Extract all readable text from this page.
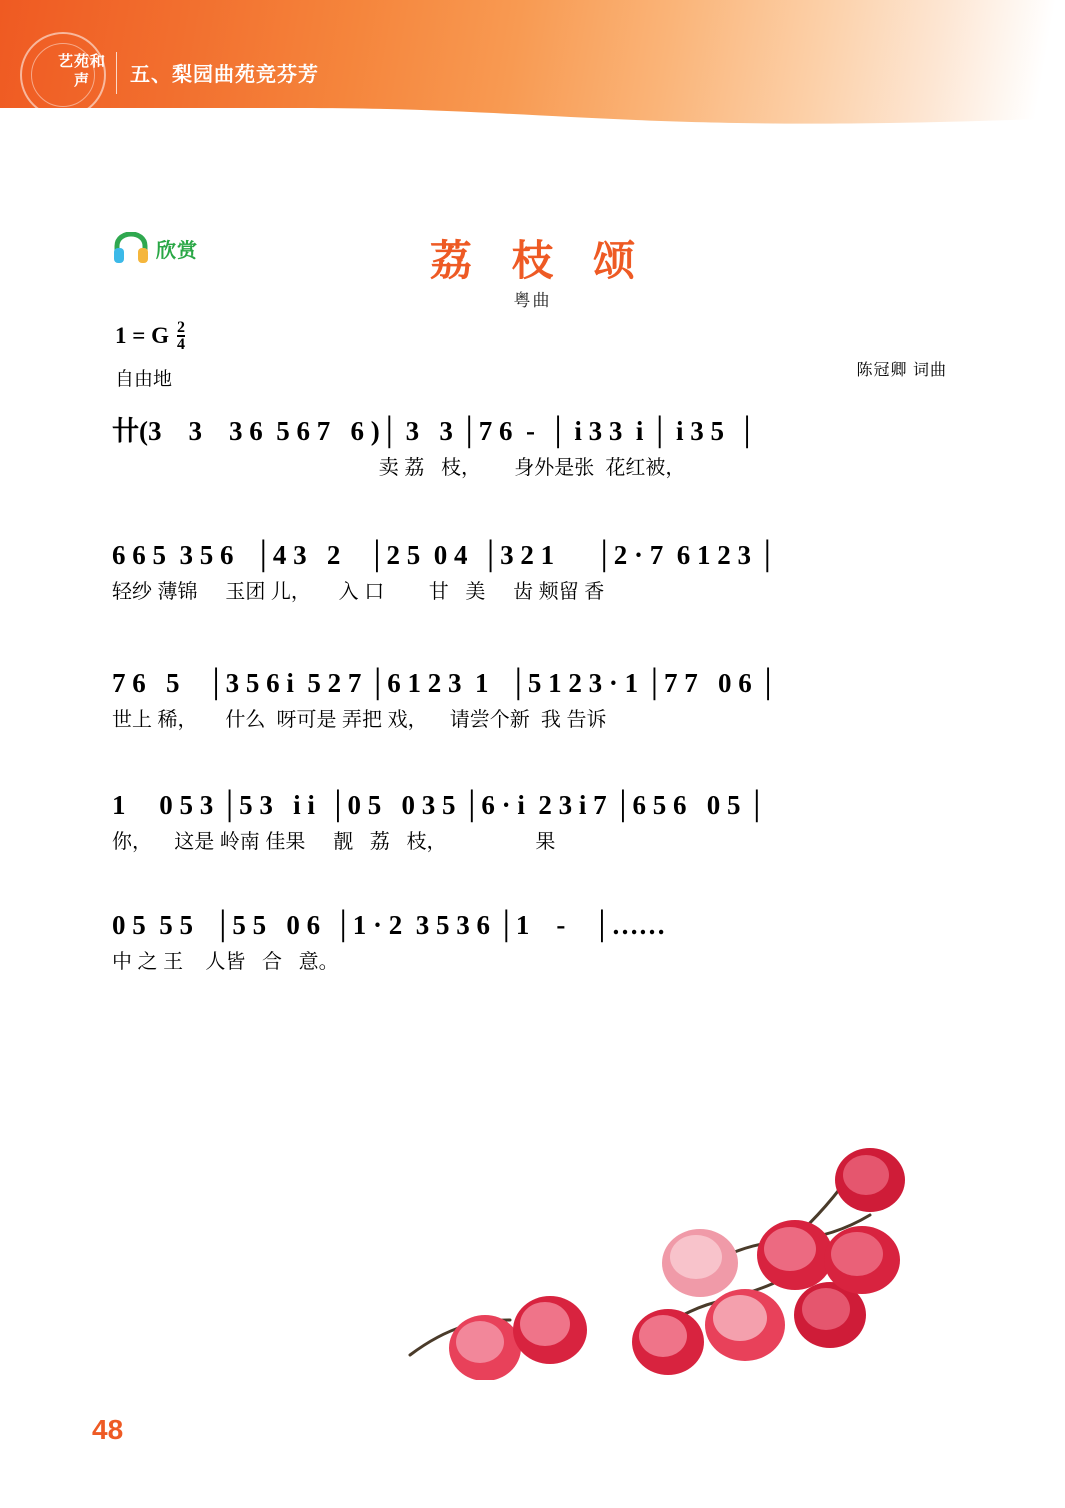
艺苑和声	五、梨园曲苑竞芬芳
欣赏	荔 枝 颂
粤曲
1 = G $\frac{2}{4}$
自由地	陈冠卿 词曲
卄(3    3    3 6  5 6 7   6 )│ 3   3 │7 6  -  │ i 3 3  i │ i 3 5  │
卖 荔   枝，      身外是张  花红被，
6 6 5  3 5 6   │4 3   2    │2 5  0 4  │3 2 1      │2 · 7  6 1 2 3 │
轻纱 薄锦     玉团 儿，     入 口        甘   美     齿 颊留 香
7 6   5    │3 5 6 i  5 2 7 │6 1 2 3  1   │5 1 2 3 · 1 │7 7   0 6 │
世上 稀，     什么  呀可是 弄把 戏，    请尝个新  我 告诉
1     0 5 3 │5 3   i i  │0 5   0 3 5 │6 · i  2 3 i 7 │6 5 6   0 5 │
你，    这是 岭南 佳果     靓   荔   枝，                果
0 5  5 5   │5 5   0 6  │1 · 2  3 5 3 6 │1    -    │……
中 之 王    人皆   合   意。
48
